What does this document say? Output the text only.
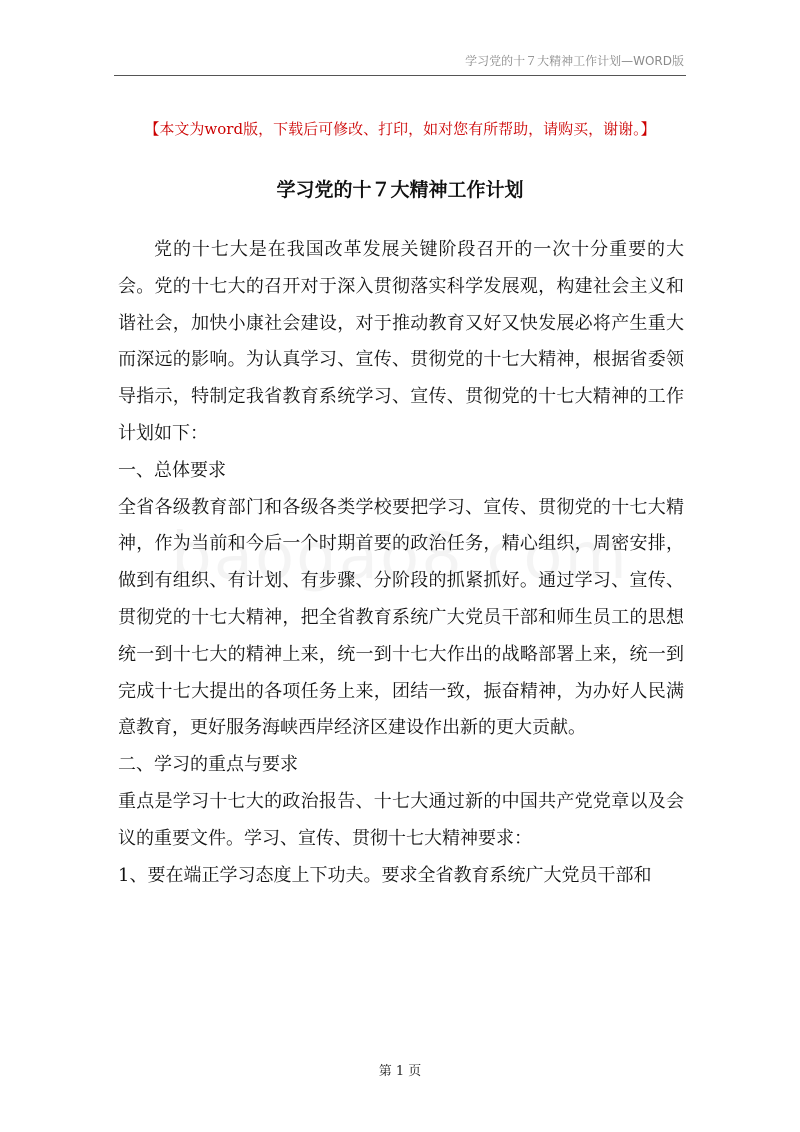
学习党的十７大精神工作计划—WORD版
【本文为word版，下载后可修改、打印，如对您有所帮助，请购买，谢谢。】
学习党的十７大精神工作计划

党的十七大是在我国改革发展关键阶段召开的一次十分重要的大会。党的十七大的召开对于深入贯彻落实科学发展观，构建社会主义和谐社会，加快小康社会建设，对于推动教育又好又快发展必将产生重大而深远的影响。为认真学习、宣传、贯彻党的十七大精神，根据省委领导指示，特制定我省教育系统学习、宣传、贯彻党的十七大精神的工作计划如下：

一、总体要求

全省各级教育部门和各级各类学校要把学习、宣传、贯彻党的十七大精神，作为当前和今后一个时期首要的政治任务，精心组织，周密安排，做到有组织、有计划、有步骤、分阶段的抓紧抓好。通过学习、宣传、贯彻党的十七大精神，把全省教育系统广大党员干部和师生员工的思想统一到十七大的精神上来，统一到十七大作出的战略部署上来，统一到完成十七大提出的各项任务上来，团结一致，振奋精神，为办好人民满意教育，更好服务海峡西岸经济区建设作出新的更大贡献。

二、学习的重点与要求

重点是学习十七大的政治报告、十七大通过新的中国共产党党章以及会议的重要文件。学习、宣传、贯彻十七大精神要求：

1、要在端正学习态度上下功夫。要求全省教育系统广大党员干部和

第 1 页
